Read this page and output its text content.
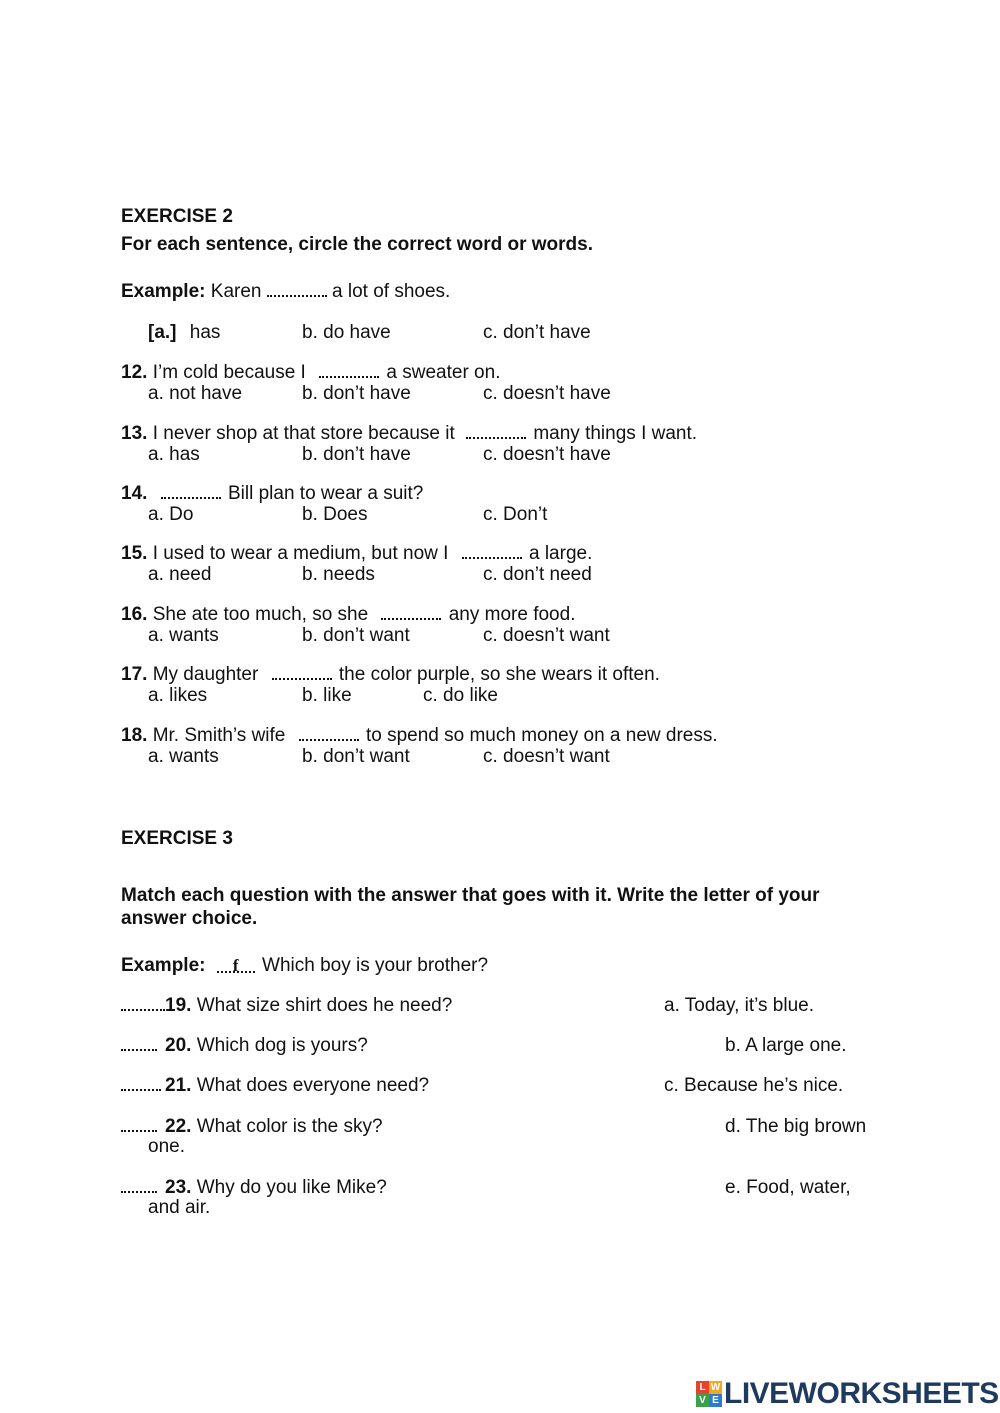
EXERCISE 2
For each sentence, circle the correct word or words.
Example: Karen	a lot of shoes.
[a.] has	b. do have	c. don’t have
12. I’m cold because I	a sweater on.
a. not have	b. don’t have	c. doesn’t have
13. I never shop at that store because it	many things I want.
a. has	b. don’t have	c. doesn’t have
14.	Bill plan to wear a suit?
a. Do	b. Does	c. Don’t
15. I used to wear a medium, but now I	a large.
a. need	b. needs	c. don’t need
16. She ate too much, so she	any more food.
a. wants	b. don’t want	c. doesn’t want
17. My daughter	the color purple, so she wears it often.
a. likes	b. like	c. do like
18. Mr. Smith’s wife	to spend so much money on a new dress.
a. wants	b. don’t want	c. doesn’t want
EXERCISE 3
Match each question with the answer that goes with it. Write the letter of your
answer choice.
Example: f Which boy is your brother?
19. What size shirt does he need?	a. Today, it’s blue.
20. Which dog is yours?	b. A large one.
21. What does everyone need?	c. Because he’s nice.
22. What color is the sky?	d. The big brown
one.
23. Why do you like Mike?	e. Food, water,
and air.
L W
V E LIVEWORKSHEETS
